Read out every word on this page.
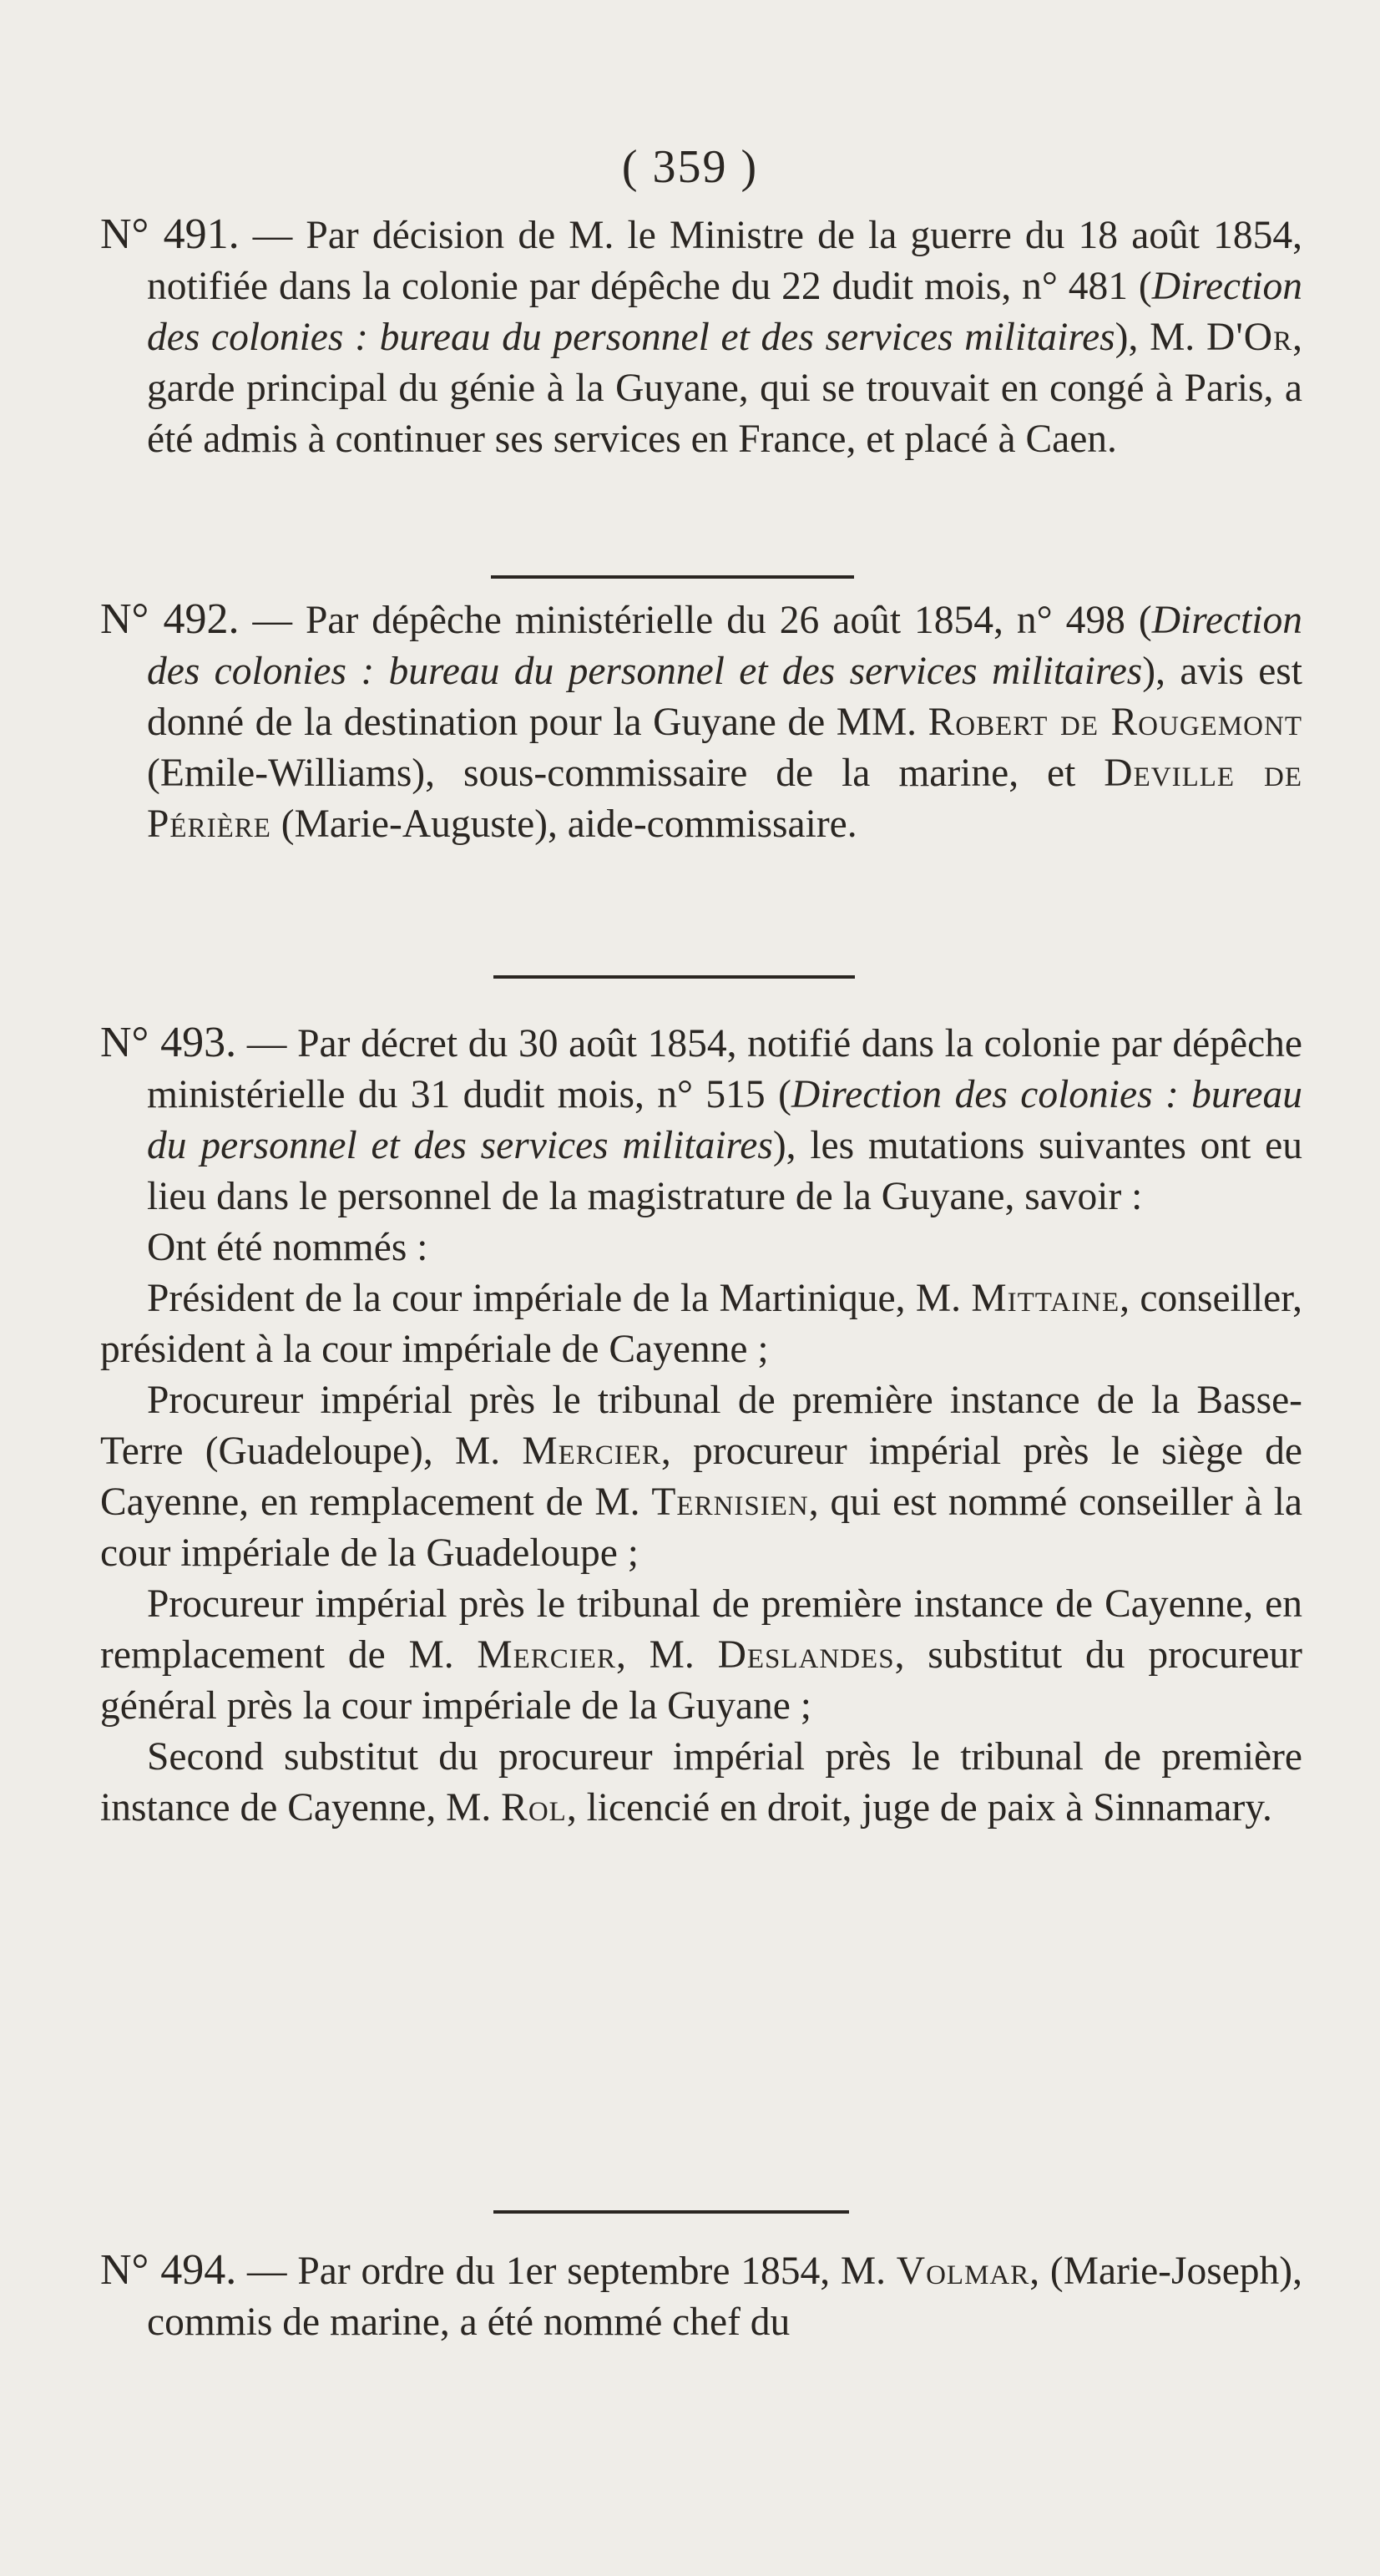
( 359 )

N° 491. — Par décision de M. le Ministre de la guerre du 18 août 1854, notifiée dans la colonie par dépêche du 22 dudit mois, n° 481 (Direction des colonies : bureau du personnel et des services militaires), M. D'Or, garde principal du génie à la Guyane, qui se trouvait en congé à Paris, a été admis à continuer ses services en France, et placé à Caen.

N° 492. — Par dépêche ministérielle du 26 août 1854, n° 498 (Direction des colonies : bureau du personnel et des services militaires), avis est donné de la destination pour la Guyane de MM. Robert de Rougemont (Emile-Williams), sous-commissaire de la marine, et Deville de Périère (Marie-Auguste), aide-commissaire.

N° 493. — Par décret du 30 août 1854, notifié dans la colonie par dépêche ministérielle du 31 dudit mois, n° 515 (Direction des colonies : bureau du personnel et des services militaires), les mutations suivantes ont eu lieu dans le personnel de la magistrature de la Guyane, savoir :

Ont été nommés :

Président de la cour impériale de la Martinique, M. Mittaine, conseiller, président à la cour impériale de Cayenne ;

Procureur impérial près le tribunal de première instance de la Basse-Terre (Guadeloupe), M. Mercier, procureur impérial près le siège de Cayenne, en remplacement de M. Ternisien, qui est nommé conseiller à la cour impériale de la Guadeloupe ;

Procureur impérial près le tribunal de première instance de Cayenne, en remplacement de M. Mercier, M. Deslandes, substitut du procureur général près la cour impériale de la Guyane ;

Second substitut du procureur impérial près le tribunal de première instance de Cayenne, M. Rol, licencié en droit, juge de paix à Sinnamary.

N° 494. — Par ordre du 1er septembre 1854, M. Volmar, (Marie-Joseph), commis de marine, a été nommé chef du
